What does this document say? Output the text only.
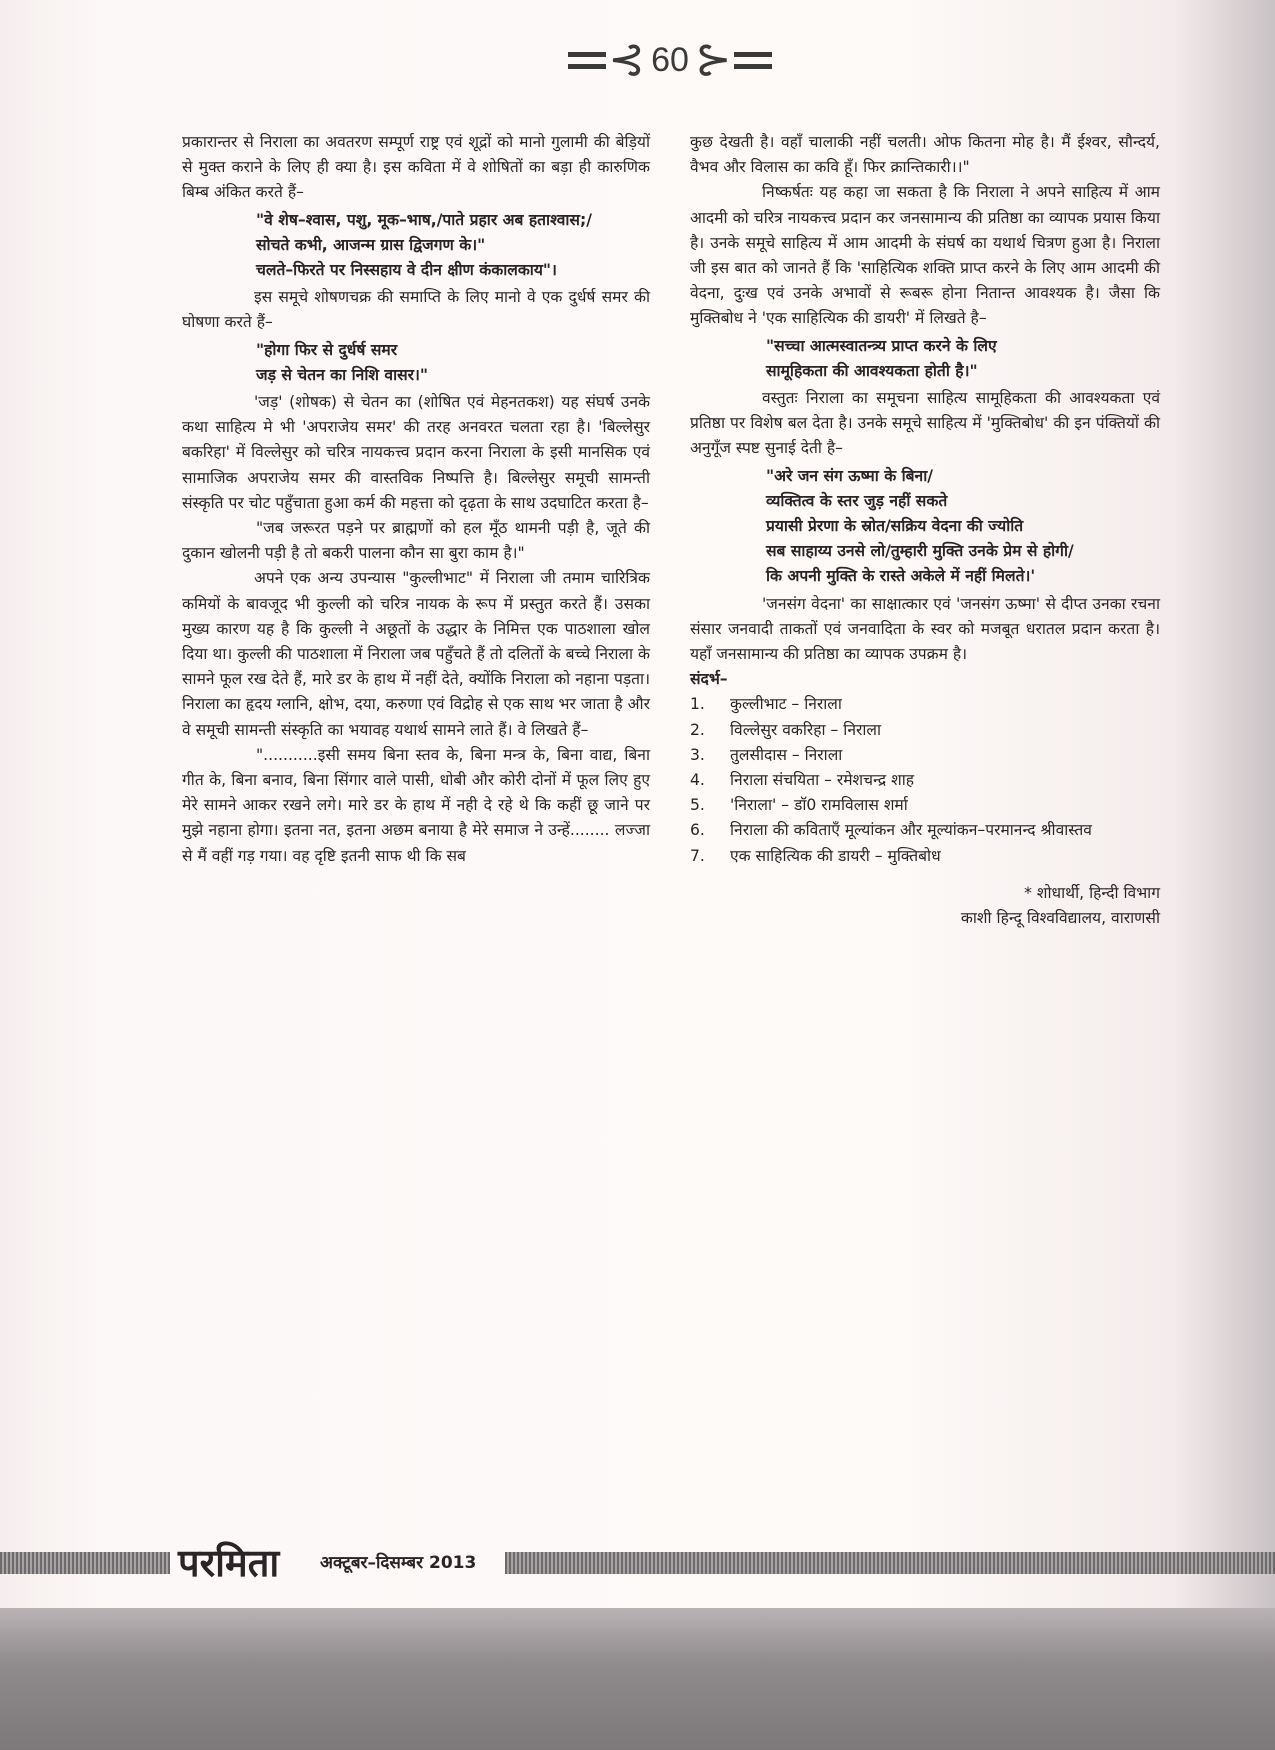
⊰ 60 ⊱

प्रकारान्तर से निराला का अवतरण सम्पूर्ण राष्ट्र एवं शूद्रों को मानो गुलामी की बेड़ियों से मुक्त कराने के लिए ही क्या है। इस कविता में वे शोषितों का बड़ा ही कारुणिक बिम्ब अंकित करते हैं–

"वे शेष–श्वास, पशु, मूक–भाष,/पाते प्रहार अब हताश्वास;/

सोचते कभी, आजन्म ग्रास द्विजगण के।"

चलते–फिरते पर निस्सहाय वे दीन क्षीण कंकालकाय"।

इस समूचे शोषणचक्र की समाप्ति के लिए मानो वे एक दुर्धर्ष समर की घोषणा करते हैं–

"होगा फिर से दुर्धर्ष समर

जड़ से चेतन का निशि वासर।"

'जड़' (शोषक) से चेतन का (शोषित एवं मेहनतकश) यह संघर्ष उनके कथा साहित्य मे भी 'अपराजेय समर' की तरह अनवरत चलता रहा है। 'बिल्लेसुर बकरिहा' में विल्लेसुर को चरित्र नायकत्त्व प्रदान करना निराला के इसी मानसिक एवं सामाजिक अपराजेय समर की वास्तविक निष्पत्ति है। बिल्लेसुर समूची सामन्ती संस्कृति पर चोट पहुँचाता हुआ कर्म की महत्ता को दृढ़ता के साथ उदघाटित करता है–

"जब जरूरत पड़ने पर ब्राह्मणों को हल मूँठ थामनी पड़ी है, जूते की दुकान खोलनी पड़ी है तो बकरी पालना कौन सा बुरा काम है।"

अपने एक अन्य उपन्यास "कुल्लीभाट" में निराला जी तमाम चारित्रिक कमियों के बावजूद भी कुल्ली को चरित्र नायक के रूप में प्रस्तुत करते हैं। उसका मुख्य कारण यह है कि कुल्ली ने अछूतों के उद्धार के निमित्त एक पाठशाला खोल दिया था। कुल्ली की पाठशाला में निराला जब पहुँचते हैं तो दलितों के बच्चे निराला के सामने फूल रख देते हैं, मारे डर के हाथ में नहीं देते, क्योंकि निराला को नहाना पड़ता। निराला का हृदय ग्लानि, क्षोभ, दया, करुणा एवं विद्रोह से एक साथ भर जाता है और वे समूची सामन्ती संस्कृति का भयावह यथार्थ सामने लाते हैं। वे लिखते हैं–

"...........इसी समय बिना स्तव के, बिना मन्त्र के, बिना वाद्य, बिना गीत के, बिना बनाव, बिना सिंगार वाले पासी, धोबी और कोरी दोनों में फूल लिए हुए मेरे सामने आकर रखने लगे। मारे डर के हाथ में नही दे रहे थे कि कहीं छू जाने पर मुझे नहाना होगा। इतना नत, इतना अछम बनाया है मेरे समाज ने उन्हें........ लज्जा से मैं वहीं गड़ गया। वह दृष्टि इतनी साफ थी कि सब

कुछ देखती है। वहाँ चालाकी नहीं चलती। ओफ कितना मोह है। मैं ईश्वर, सौन्दर्य, वैभव और विलास का कवि हूँ। फिर क्रान्तिकारी।।"

निष्कर्षतः यह कहा जा सकता है कि निराला ने अपने साहित्य में आम आदमी को चरित्र नायकत्त्व प्रदान कर जनसामान्य की प्रतिष्ठा का व्यापक प्रयास किया है। उनके समूचे साहित्य में आम आदमी के संघर्ष का यथार्थ चित्रण हुआ है। निराला जी इस बात को जानते हैं कि 'साहित्यिक शक्ति प्राप्त करने के लिए आम आदमी की वेदना, दुःख एवं उनके अभावों से रूबरू होना नितान्त आवश्यक है। जैसा कि मुक्तिबोध ने 'एक साहित्यिक की डायरी' में लिखते है–

"सच्चा आत्मस्वातन्त्र्य प्राप्त करने के लिए

सामूहिकता की आवश्यकता होती है।"

वस्तुतः निराला का समूचना साहित्य सामूहिकता की आवश्यकता एवं प्रतिष्ठा पर विशेष बल देता है। उनके समूचे साहित्य में 'मुक्तिबोध' की इन पंक्तियों की अनुगूँज स्पष्ट सुनाई देती है–

"अरे जन संग ऊष्मा के बिना/

व्यक्तित्व के स्तर जुड़ नहीं सकते

प्रयासी प्रेरणा के स्रोत/सक्रिय वेदना की ज्योति

सब साहाय्य उनसे लो/तुम्हारी मुक्ति उनके प्रेम से होगी/

कि अपनी मुक्ति के रास्ते अकेले में नहीं मिलते।'

'जनसंग वेदना' का साक्षात्कार एवं 'जनसंग ऊष्मा' से दीप्त उनका रचना संसार जनवादी ताकतों एवं जनवादिता के स्वर को मजबूत धरातल प्रदान करता है। यहाँ जनसामान्य की प्रतिष्ठा का व्यापक उपक्रम है।

संदर्भ–

1.	कुल्लीभाट – निराला
2.	विल्लेसुर वकरिहा – निराला
3.	तुलसीदास – निराला
4.	निराला संचयिता – रमेशचन्द्र शाह
5.	'निराला' – डॉ0 रामविलास शर्मा
6.	निराला की कविताएँ मूल्यांकन और मूल्यांकन–परमानन्द श्रीवास्तव
7.	एक साहित्यिक की डायरी – मुक्तिबोध
* शोधार्थी, हिन्दी विभाग
काशी हिन्दू विश्वविद्यालय, वाराणसी
परमिता अक्टूबर–दिसम्बर 2013
